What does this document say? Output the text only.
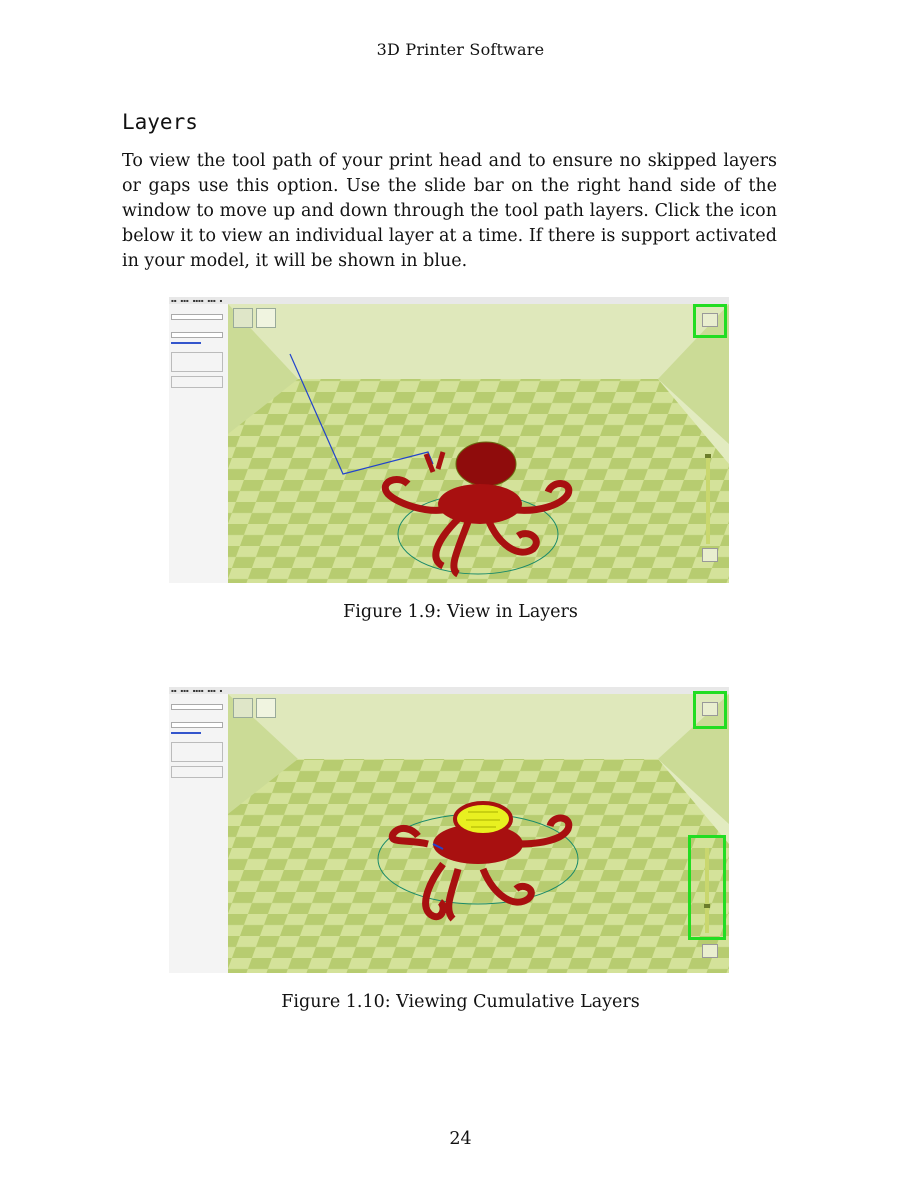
3D Printer Software
Layers
To view the tool path of your print head and to ensure no skipped layers or gaps use this option. Use the slide bar on the right hand side of the window to move up and down through the tool path layers. Click the icon below it to view an individual layer at a time. If there is support activated in your model, it will be shown in blue.
▪▪ ▪▪▪ ▪▪▪▪ ▪▪▪ ▪
Figure 1.9: View in Layers
▪▪ ▪▪▪ ▪▪▪▪ ▪▪▪ ▪
Figure 1.10: Viewing Cumulative Layers
24
